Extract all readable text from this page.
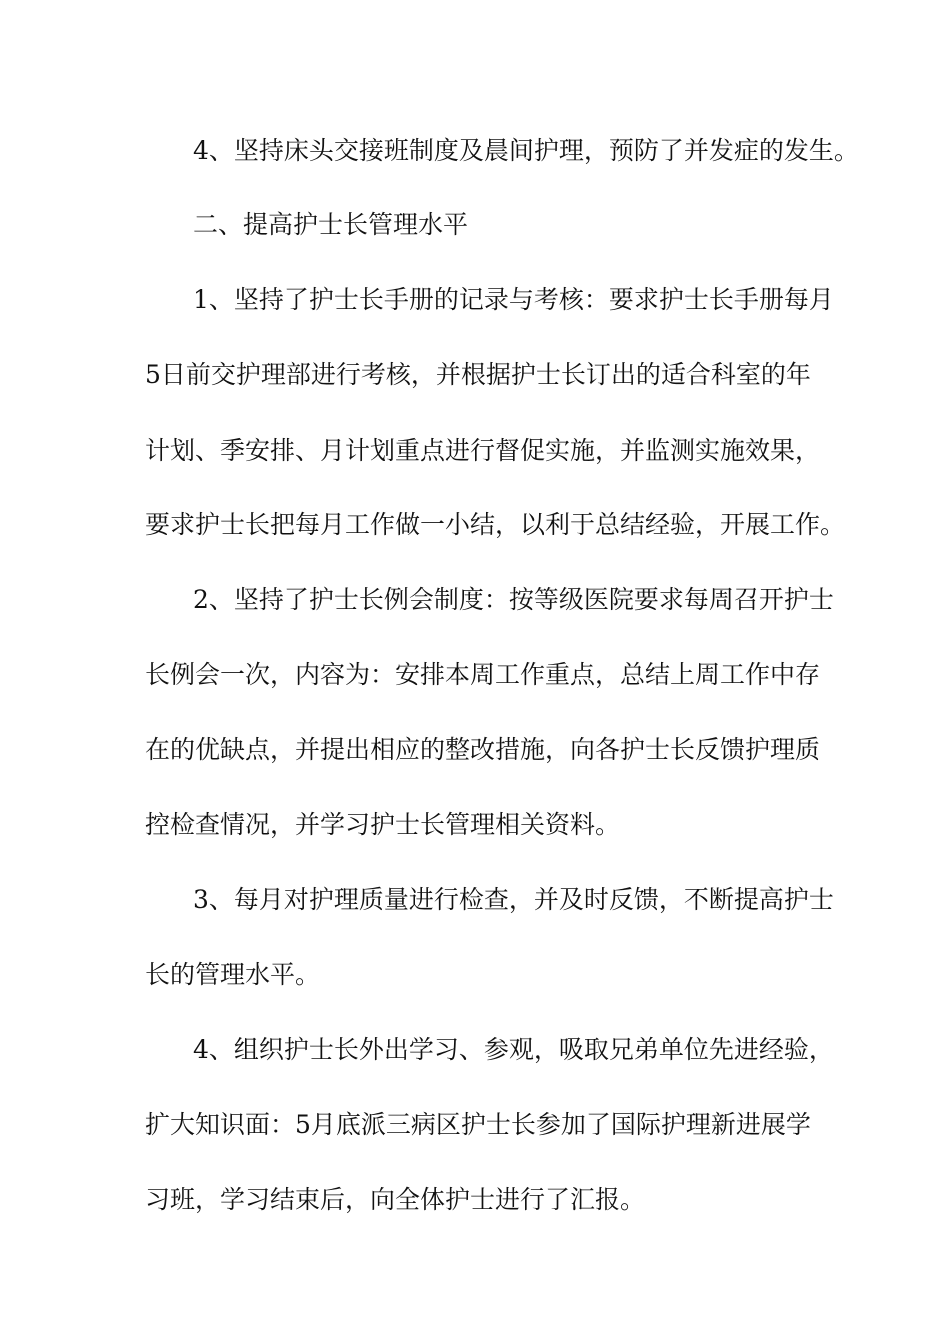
4、坚持床头交接班制度及晨间护理，预防了并发症的发生。
二、提高护士长管理水平
1、坚持了护士长手册的记录与考核：要求护士长手册每月
5日前交护理部进行考核，并根据护士长订出的适合科室的年
计划、季安排、月计划重点进行督促实施，并监测实施效果，
要求护士长把每月工作做一小结，以利于总结经验，开展工作。
2、坚持了护士长例会制度：按等级医院要求每周召开护士
长例会一次，内容为：安排本周工作重点，总结上周工作中存
在的优缺点，并提出相应的整改措施，向各护士长反馈护理质
控检查情况，并学习护士长管理相关资料。
3、每月对护理质量进行检查，并及时反馈，不断提高护士
长的管理水平。
4、组织护士长外出学习、参观，吸取兄弟单位先进经验，
扩大知识面：5月底派三病区护士长参加了国际护理新进展学
习班，学习结束后，向全体护士进行了汇报。
